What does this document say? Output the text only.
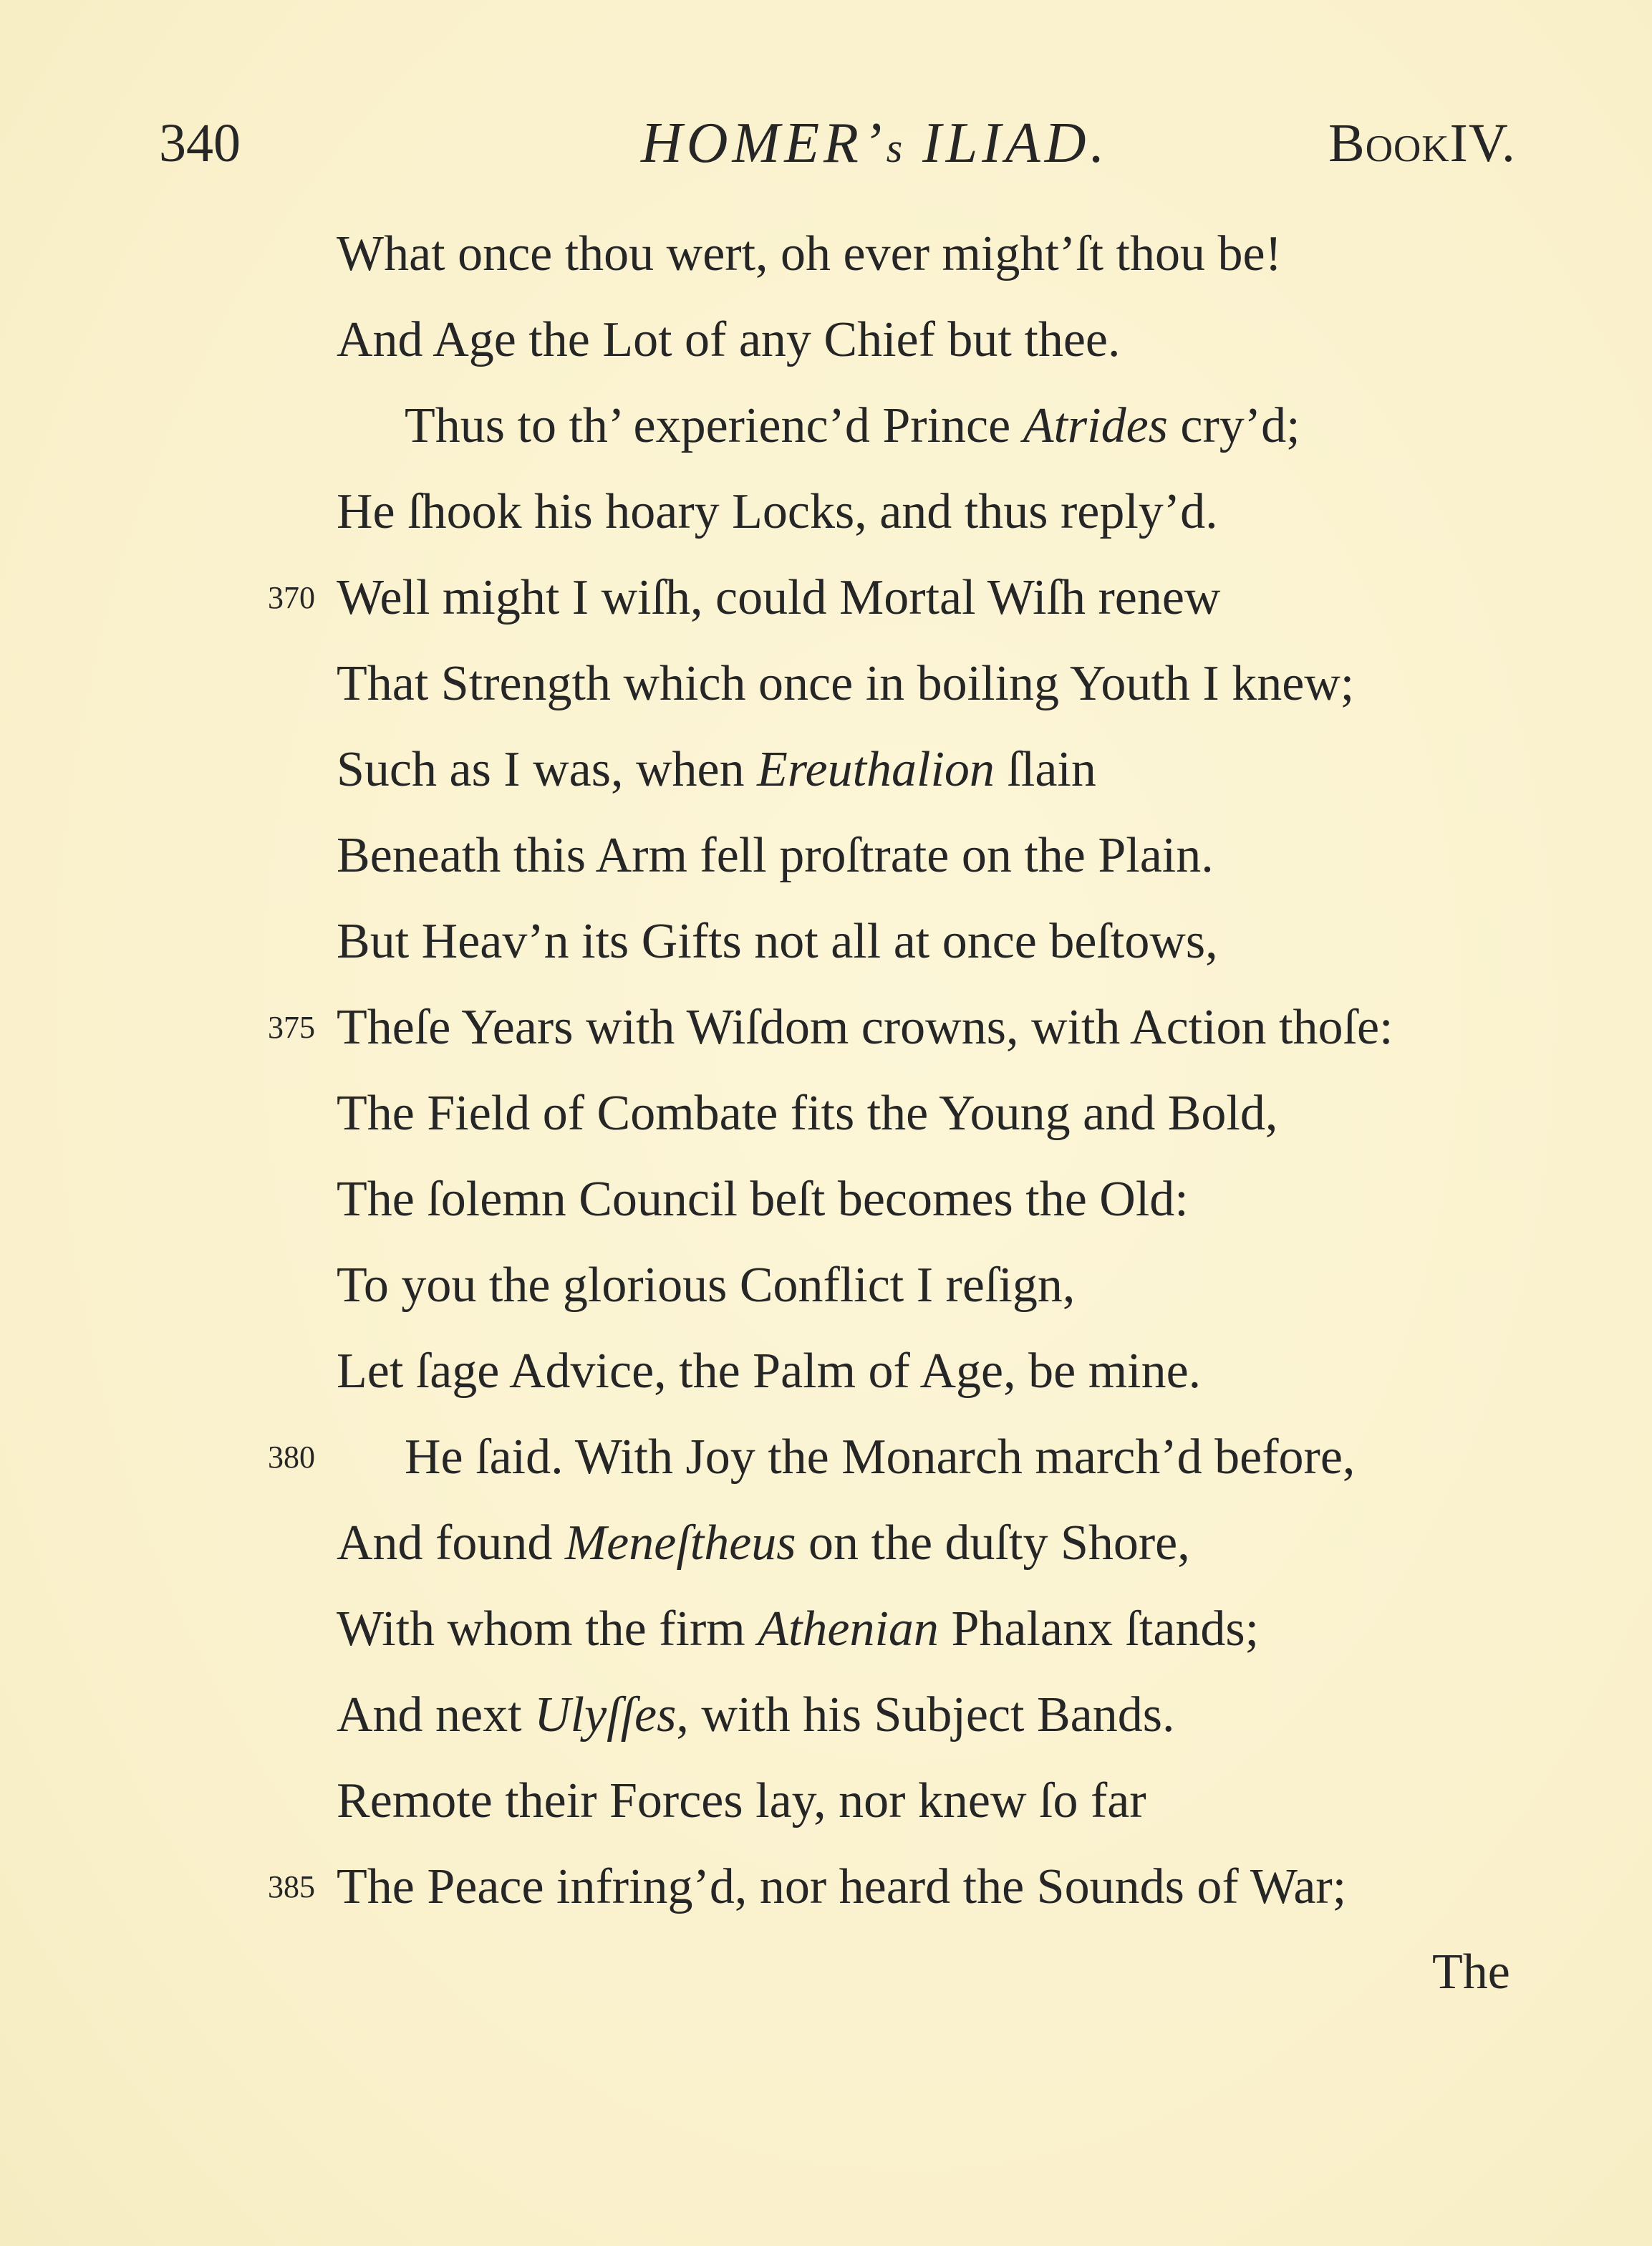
340	HOMER’s ILIAD.	BookIV.
What once thou wert, oh ever might’ſt thou be!
And Age the Lot of any Chief but thee.
Thus to th’ experienc’d Prince Atrides cry’d;
He ſhook his hoary Locks, and thus reply’d.
370 Well might I wiſh, could Mortal Wiſh renew
That Strength which once in boiling Youth I knew;
Such as I was, when Ereuthalion ſlain
Beneath this Arm fell proſtrate on the Plain.
But Heav’n its Gifts not all at once beſtows,
375 Theſe Years with Wiſdom crowns, with Action thoſe:
The Field of Combate fits the Young and Bold,
The ſolemn Council beſt becomes the Old:
To you the glorious Conflict I reſign,
Let ſage Advice, the Palm of Age, be mine.
380 He ſaid. With Joy the Monarch march’d before,
And found Meneſtheus on the duſty Shore,
With whom the firm Athenian Phalanx ſtands;
And next Ulyſſes, with his Subject Bands.
Remote their Forces lay, nor knew ſo far
385 The Peace infring’d, nor heard the Sounds of War;
The
